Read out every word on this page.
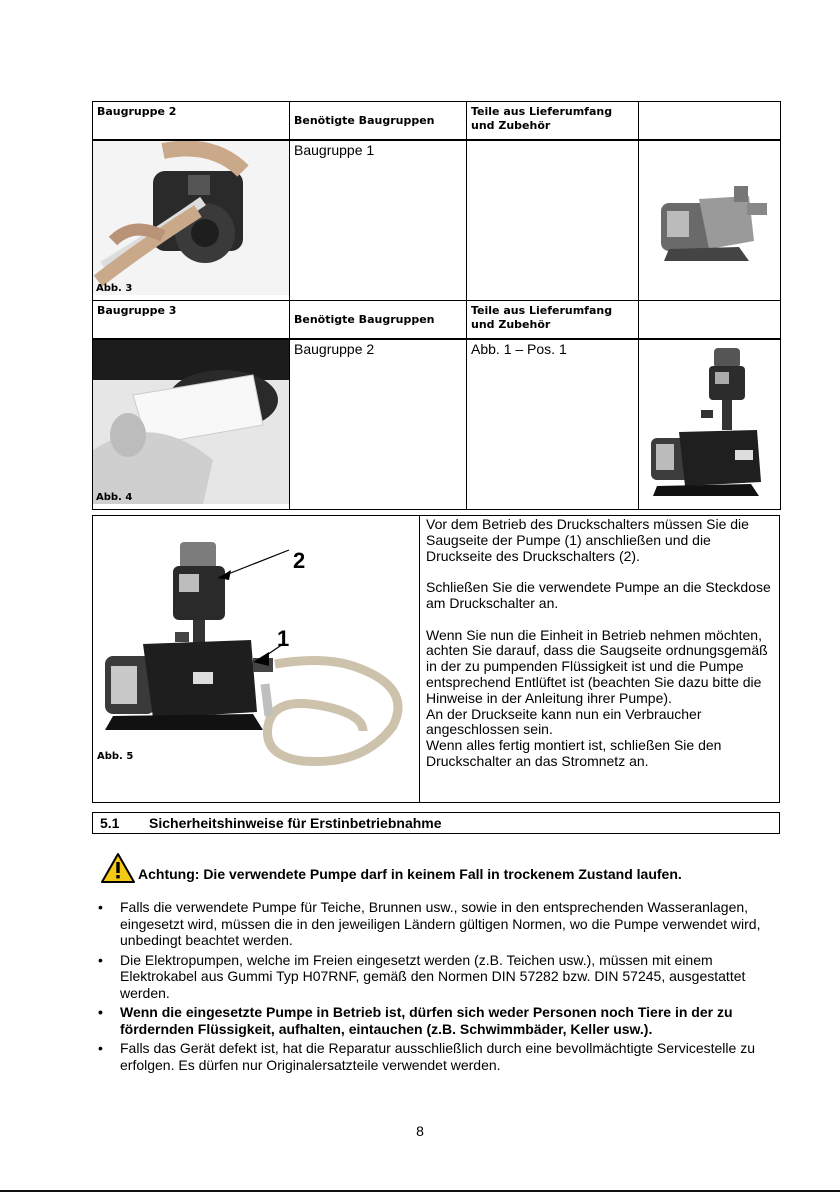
Baugruppe 2	Benötigte Baugruppen	Teile aus Lieferumfang
und Zubehör	

Abb. 3	Baugruppe 1		
Baugruppe 3	Benötigte Baugruppen	Teile aus Lieferumfang
und Zubehör	

Abb. 4	Baugruppe 2	Abb. 1 – Pos. 1	
2
1
Abb. 5

Vor dem Betrieb des Druckschalters müssen Sie die Saugseite der Pumpe (1) anschließen und die Druckseite des Druckschalters (2).

Schließen Sie die verwendete Pumpe an die Steckdose am Druckschalter an.

Wenn Sie nun die Einheit in Betrieb nehmen möchten, achten Sie darauf, dass die Saugseite ordnungsgemäß in der zu pumpenden Flüssigkeit ist und die Pumpe entsprechend Entlüftet ist (beachten Sie dazu bitte die Hinweise in der Anleitung ihrer Pumpe).

An der Druckseite kann nun ein Verbraucher angeschlossen sein.

Wenn alles fertig montiert ist, schließen Sie den Druckschalter an das Stromnetz an.

5.1 Sicherheitshinweise für Erstinbetriebnahme
Achtung: Die verwendete Pumpe darf in keinem Fall in trockenem Zustand laufen.
• Falls die verwendete Pumpe für Teiche, Brunnen usw., sowie in den entsprechenden Wasseranlagen, eingesetzt wird, müssen die in den jeweiligen Ländern gültigen Normen, wo die Pumpe verwendet wird, unbedingt beachtet werden.
• Die Elektropumpen, welche im Freien eingesetzt werden (z.B. Teichen usw.), müssen mit einem Elektrokabel aus Gummi Typ H07RNF, gemäß den Normen DIN 57282 bzw. DIN 57245, ausgestattet werden.
• Wenn die eingesetzte Pumpe in Betrieb ist, dürfen sich weder Personen noch Tiere in der zu fördernden Flüssigkeit, aufhalten, eintauchen (z.B. Schwimmbäder, Keller usw.).
• Falls das Gerät defekt ist, hat die Reparatur ausschließlich durch eine bevollmächtigte Servicestelle zu erfolgen. Es dürfen nur Originalersatzteile verwendet werden.
8
